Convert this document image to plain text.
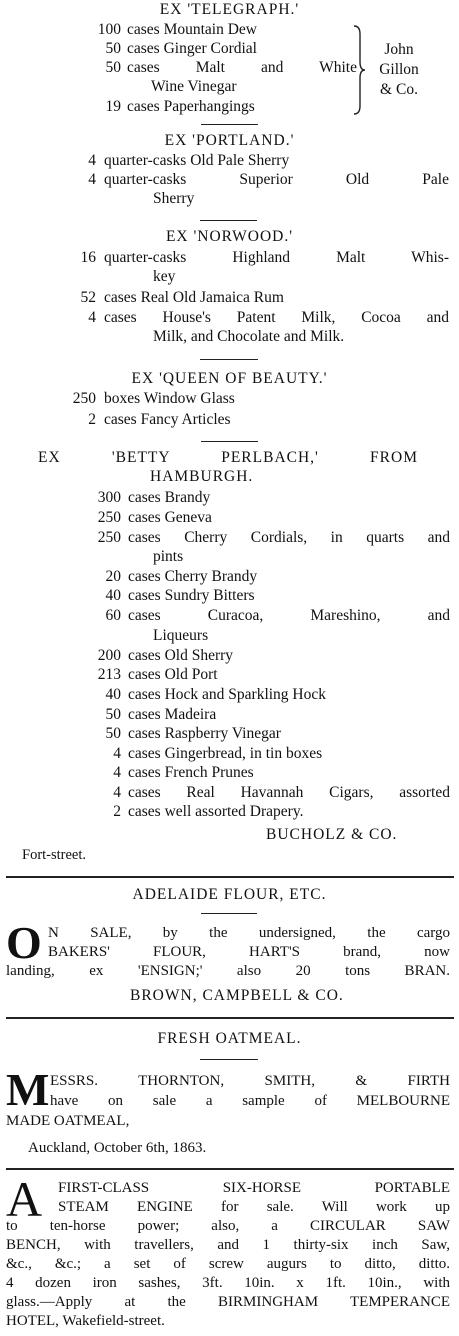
EX 'TELEGRAPH.'
100 cases Mountain Dew
50 cases Ginger Cordial
50 cases Malt and White
Wine Vinegar
19 cases Paperhangings
John
Gillon
& Co.
EX 'PORTLAND.'
4 quarter-casks Old Pale Sherry
4 quarter-casks Superior Old Pale
Sherry
EX 'NORWOOD.'
16 quarter-casks Highland Malt Whis-
key
52 cases Real Old Jamaica Rum
4 cases House's Patent Milk, Cocoa and
Milk, and Chocolate and Milk.
EX 'QUEEN OF BEAUTY.'
250 boxes Window Glass
2 cases Fancy Articles
EX 'BETTY PERLBACH,' FROM
HAMBURGH.
300 cases Brandy
250 cases Geneva
250 cases Cherry Cordials, in quarts and
pints
20 cases Cherry Brandy
40 cases Sundry Bitters
60 cases Curacoa, Mareshino, and
Liqueurs
200 cases Old Sherry
213 cases Old Port
40 cases Hock and Sparkling Hock
50 cases Madeira
50 cases Raspberry Vinegar
4 cases Gingerbread, in tin boxes
4 cases French Prunes
4 cases Real Havannah Cigars, assorted
2 cases well assorted Drapery.
BUCHOLZ & CO.
Fort-street.
ADELAIDE FLOUR, ETC.
O N SALE, by the undersigned, the cargo
BAKERS' FLOUR, HART'S brand, now
landing, ex 'ENSIGN;' also 20 tons BRAN.
BROWN, CAMPBELL & CO.
FRESH OATMEAL.
M ESSRS. THORNTON, SMITH, & FIRTH
have on sale a sample of MELBOURNE
MADE OATMEAL,
Auckland, October 6th, 1863.
A FIRST-CLASS SIX-HORSE PORTABLE
STEAM ENGINE for sale. Will work up
to ten-horse power; also, a CIRCULAR SAW
BENCH, with travellers, and 1 thirty-six inch Saw,
&c., &c.; a set of screw augurs to ditto, ditto.
4 dozen iron sashes, 3ft. 10in. x 1ft. 10in., with
glass.—Apply at the BIRMINGHAM TEMPERANCE
HOTEL, Wakefield-street.
